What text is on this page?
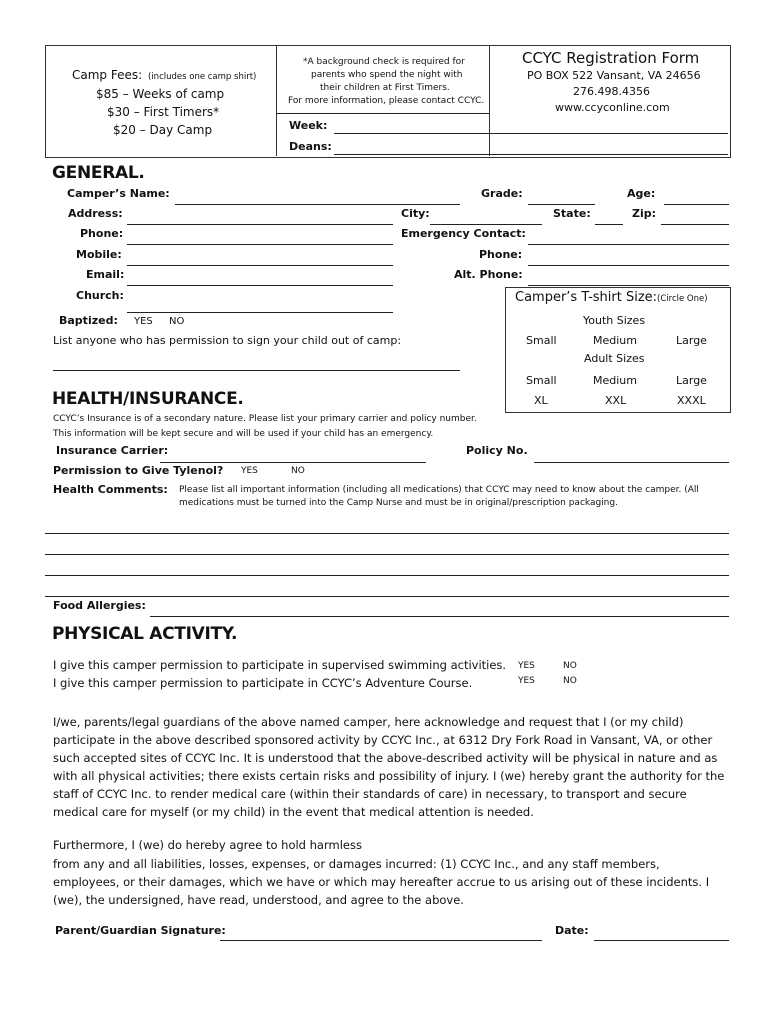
Camp Fees: (includes one camp shirt)
$85 – Weeks of camp
$30 – First Timers*
$20 – Day Camp
*A background check is required for
parents who spend the night with
their children at First Timers.
For more information, please contact CCYC.
Week:
Deans:
CCYC Registration Form
PO BOX 522 Vansant, VA 24656
276.498.4356
www.ccyconline.com
GENERAL.
Camper’s Name:	Grade:	Age:
Address:	City:	State:	Zip:
Phone:	Emergency Contact:
Mobile:	Phone:
Email:	Alt. Phone:
Church:
Baptized: YES NO
List anyone who has permission to sign your child out of camp:
Camper’s T-shirt Size:(Circle One)
Youth Sizes
Small	Medium	Large
Adult Sizes
Small	Medium	Large
XL	XXL	XXXL
HEALTH/INSURANCE.
CCYC’s Insurance is of a secondary nature. Please list your primary carrier and policy number.
This information will be kept secure and will be used if your child has an emergency.
Insurance Carrier:	Policy No.
Permission to Give Tylenol? YES	NO
Health Comments: Please list all important information (including all medications) that CCYC may need to know about the camper. (All
medications must be turned into the Camp Nurse and must be in original/prescription packaging.
Food Allergies:
PHYSICAL ACTIVITY.
I give this camper permission to participate in supervised swimming activities. YES	NO
I give this camper permission to participate in CCYC’s Adventure Course.	YES	NO
I/we, parents/legal guardians of the above named camper, here acknowledge and request that I (or my child) participate in the above described sponsored activity by CCYC Inc., at 6312 Dry Fork Road in Vansant, VA, or other such accepted sites of CCYC Inc. It is understood that the above-described activity will be physical in nature and as with all physical activities; there exists certain risks and possibility of injury. I (we) hereby grant the authority for the staff of CCYC Inc. to render medical care (within their standards of care) in necessary, to transport and secure medical care for myself (or my child) in the event that medical attention is needed.
Furthermore, I (we) do hereby agree to hold harmless
from any and all liabilities, losses, expenses, or damages incurred: (1) CCYC Inc., and any staff members, employees, or their damages, which we have or which may hereafter accrue to us arising out of these incidents. I (we), the undersigned, have read, understood, and agree to the above.
Parent/Guardian Signature:	Date:
